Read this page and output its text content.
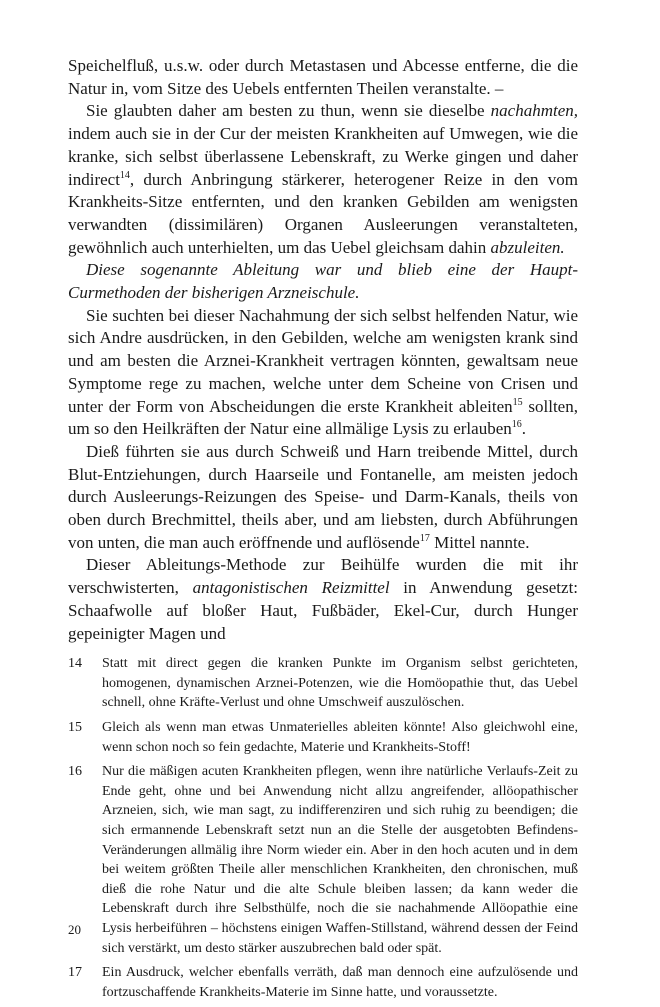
Speichelfluß, u.s.w. oder durch Metastasen und Abcesse entferne, die die Natur in, vom Sitze des Uebels entfernten Theilen veranstalte. –

Sie glaubten daher am besten zu thun, wenn sie dieselbe nachahmten, indem auch sie in der Cur der meisten Krankheiten auf Umwegen, wie die kranke, sich selbst überlassene Lebenskraft, zu Werke gingen und daher indirect$^{14}$, durch Anbringung stärkerer, heterogener Reize in den vom Krankheits-Sitze entfernten, und den kranken Gebilden am wenigsten verwandten (dissimilären) Organen Ausleerungen veranstalteten, gewöhnlich auch unterhielten, um das Uebel gleichsam dahin abzuleiten.

Diese sogenannte Ableitung war und blieb eine der Haupt-Curmethoden der bisherigen Arzneischule.

Sie suchten bei dieser Nachahmung der sich selbst helfenden Natur, wie sich Andre ausdrücken, in den Gebilden, welche am wenigsten krank sind und am besten die Arznei-Krankheit vertragen könnten, gewaltsam neue Symptome rege zu machen, welche unter dem Scheine von Crisen und unter der Form von Abscheidungen die erste Krankheit ableiten$^{15}$ sollten, um so den Heilkräften der Natur eine allmälige Lysis zu erlauben$^{16}$.

Dieß führten sie aus durch Schweiß und Harn treibende Mittel, durch Blut-Entziehungen, durch Haarseile und Fontanelle, am meisten jedoch durch Ausleerungs-Reizungen des Speise- und Darm-Kanals, theils von oben durch Brechmittel, theils aber, und am liebsten, durch Abführungen von unten, die man auch eröffnende und auflösende$^{17}$ Mittel nannte.

Dieser Ableitungs-Methode zur Beihülfe wurden die mit ihr verschwisterten, antagonistischen Reizmittel in Anwendung gesetzt: Schaafwolle auf bloßer Haut, Fußbäder, Ekel-Cur, durch Hunger gepeinigter Magen und

14	Statt mit direct gegen die kranken Punkte im Organism selbst gerichteten, homogenen, dynamischen Arznei-Potenzen, wie die Homöopathie thut, das Uebel schnell, ohne Kräfte-Verlust und ohne Umschweif auszulöschen.
15	Gleich als wenn man etwas Unmaterielles ableiten könnte! Also gleichwohl eine, wenn schon noch so fein gedachte, Materie und Krankheits-Stoff!
16	Nur die mäßigen acuten Krankheiten pflegen, wenn ihre natürliche Verlaufs-Zeit zu Ende geht, ohne und bei Anwendung nicht allzu angreifender, allöopathischer Arzneien, sich, wie man sagt, zu indifferenziren und sich ruhig zu beendigen; die sich ermannende Lebenskraft setzt nun an die Stelle der ausgetobten Befindens-Veränderungen allmälig ihre Norm wieder ein. Aber in den hoch acuten und in dem bei weitem größten Theile aller menschlichen Krankheiten, den chronischen, muß dieß die rohe Natur und die alte Schule bleiben lassen; da kann weder die Lebenskraft durch ihre Selbsthülfe, noch die sie nachahmende Allöopathie eine Lysis herbeiführen – höchstens einigen Waffen-Stillstand, während dessen der Feind sich verstärkt, um desto stärker auszubrechen bald oder spät.
17	Ein Ausdruck, welcher ebenfalls verräth, daß man dennoch eine aufzulösende und fortzuschaffende Krankheits-Materie im Sinne hatte, und voraussetzte.
20
